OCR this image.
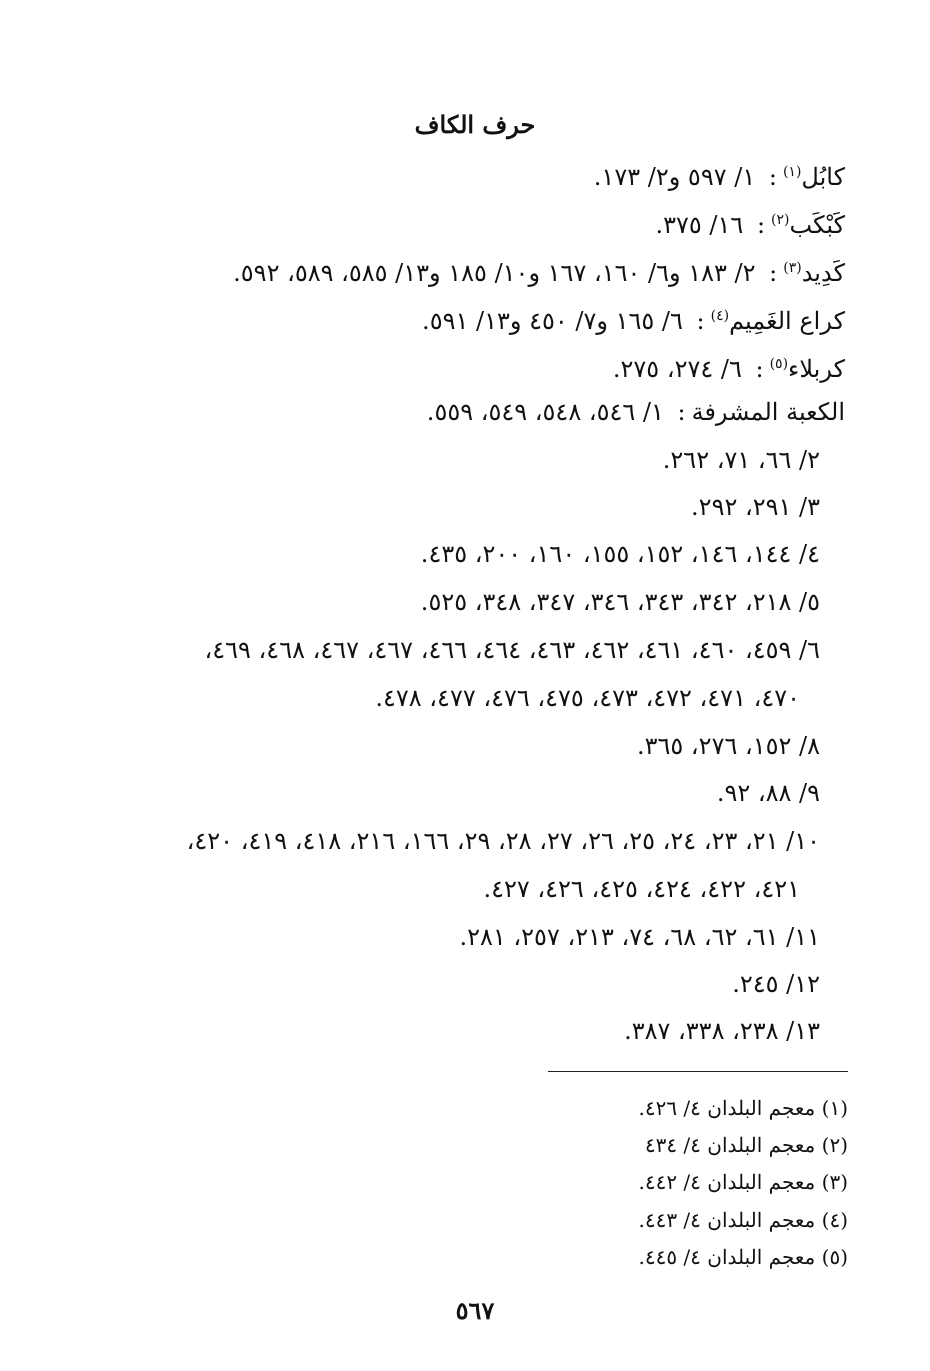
حرف الكاف
كابُل$^{(١)}$: ١/ ٥٩٧ و٢/ ١٧٣.
كَبْكَب$^{(٢)}$: ١٦/ ٣٧٥.
كَدِيد$^{(٣)}$: ٢/ ١٨٣ و٦/ ١٦٠، ١٦٧ و١٠/ ١٨٥ و١٣/ ٥٨٥، ٥٨٩، ٥٩٢.
كراع الغَمِيم$^{(٤)}$: ٦/ ١٦٥ و٧/ ٤٥٠ و١٣/ ٥٩١.
كربلاء$^{(٥)}$: ٦/ ٢٧٤، ٢٧٥.
الكعبة المشرفة: ١/ ٥٤٦، ٥٤٨، ٥٤٩، ٥٥٩.
٢/ ٦٦، ٧١، ٢٦٢.
٣/ ٢٩١، ٢٩٢.
٤/ ١٤٤، ١٤٦، ١٥٢، ١٥٥، ١٦٠، ٢٠٠، ٤٣٥.
٥/ ٢١٨، ٣٤٢، ٣٤٣، ٣٤٦، ٣٤٧، ٣٤٨، ٥٢٥.
٦/ ٤٥٩، ٤٦٠، ٤٦١، ٤٦٢، ٤٦٣، ٤٦٤، ٤٦٦، ٤٦٧، ٤٦٧، ٤٦٨، ٤٦٩،
٤٧٠، ٤٧١، ٤٧٢، ٤٧٣، ٤٧٥، ٤٧٦، ٤٧٧، ٤٧٨.
٨/ ١٥٢، ٢٧٦، ٣٦٥.
٩/ ٨٨، ٩٢.
١٠/ ٢١، ٢٣، ٢٤، ٢٥، ٢٦، ٢٧، ٢٨، ٢٩، ١٦٦، ٢١٦، ٤١٨، ٤١٩، ٤٢٠،
٤٢١، ٤٢٢، ٤٢٤، ٤٢٥، ٤٢٦، ٤٢٧.
١١/ ٦١، ٦٢، ٦٨، ٧٤، ٢١٣، ٢٥٧، ٢٨١.
١٢/ ٢٤٥.
١٣/ ٢٣٨، ٣٣٨، ٣٨٧.
(١) معجم البلدان ٤/ ٤٢٦.
(٢) معجم البلدان ٤/ ٤٣٤
(٣) معجم البلدان ٤/ ٤٤٢.
(٤) معجم البلدان ٤/ ٤٤٣.
(٥) معجم البلدان ٤/ ٤٤٥.
٥٦٧
